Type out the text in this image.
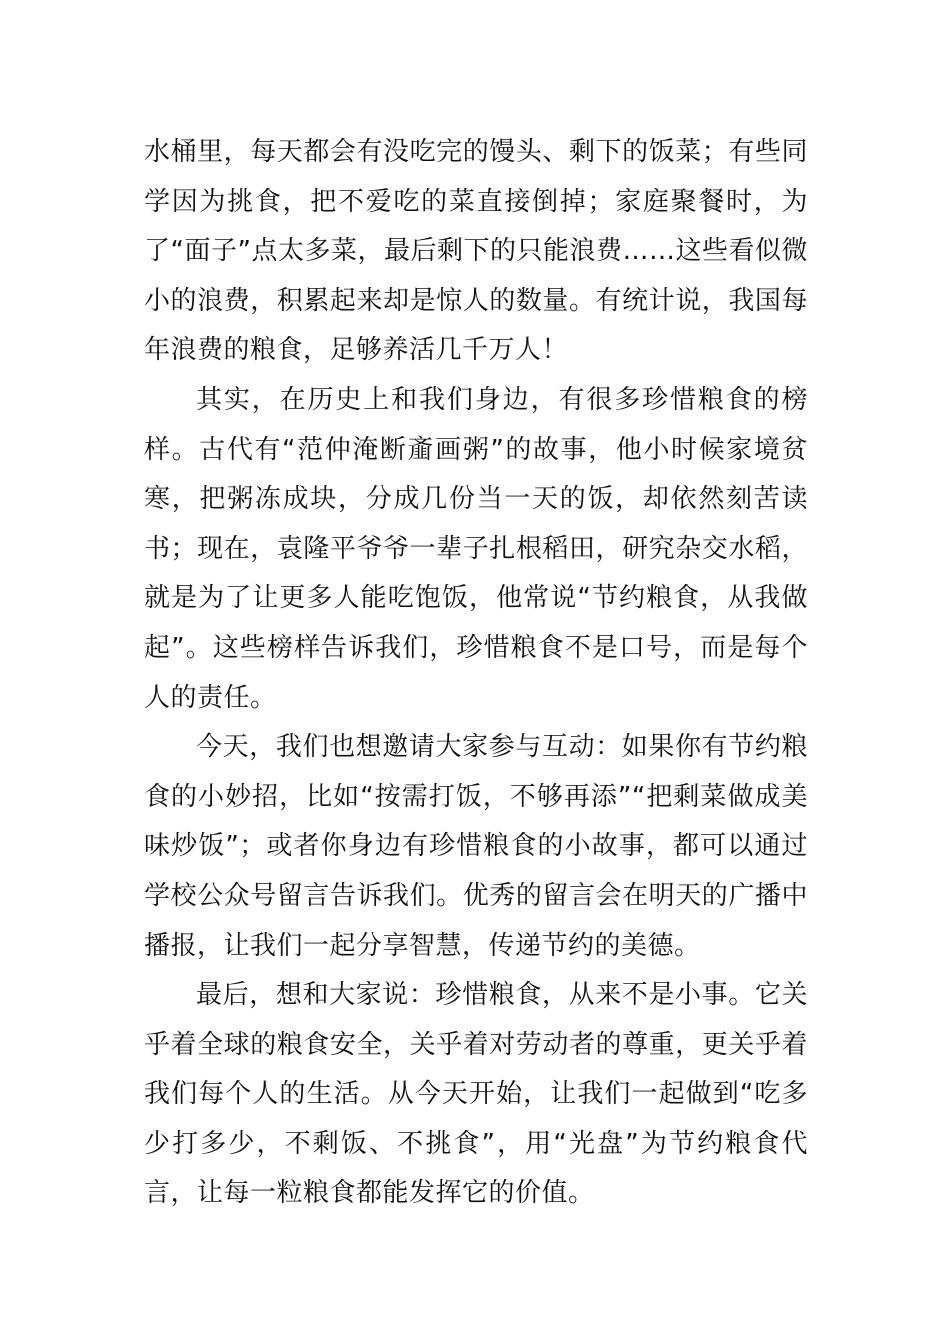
水桶里，每天都会有没吃完的馒头、剩下的饭菜；有些同学因为挑食，把不爱吃的菜直接倒掉；家庭聚餐时，为了“面子”点太多菜，最后剩下的只能浪费……这些看似微小的浪费，积累起来却是惊人的数量。有统计说，我国每年浪费的粮食，足够养活几千万人！

其实，在历史上和我们身边，有很多珍惜粮食的榜样。古代有“范仲淹断齑画粥”的故事，他小时候家境贫寒，把粥冻成块，分成几份当一天的饭，却依然刻苦读书；现在，袁隆平爷爷一辈子扎根稻田，研究杂交水稻，就是为了让更多人能吃饱饭，他常说“节约粮食，从我做起”。这些榜样告诉我们，珍惜粮食不是口号，而是每个人的责任。

今天，我们也想邀请大家参与互动：如果你有节约粮食的小妙招，比如“按需打饭，不够再添”“把剩菜做成美味炒饭”；或者你身边有珍惜粮食的小故事，都可以通过学校公众号留言告诉我们。优秀的留言会在明天的广播中播报，让我们一起分享智慧，传递节约的美德。

最后，想和大家说：珍惜粮食，从来不是小事。它关乎着全球的粮食安全，关乎着对劳动者的尊重，更关乎着我们每个人的生活。从今天开始，让我们一起做到“吃多少打多少，不剩饭、不挑食”，用“光盘”为节约粮食代言，让每一粒粮食都能发挥它的价值。
